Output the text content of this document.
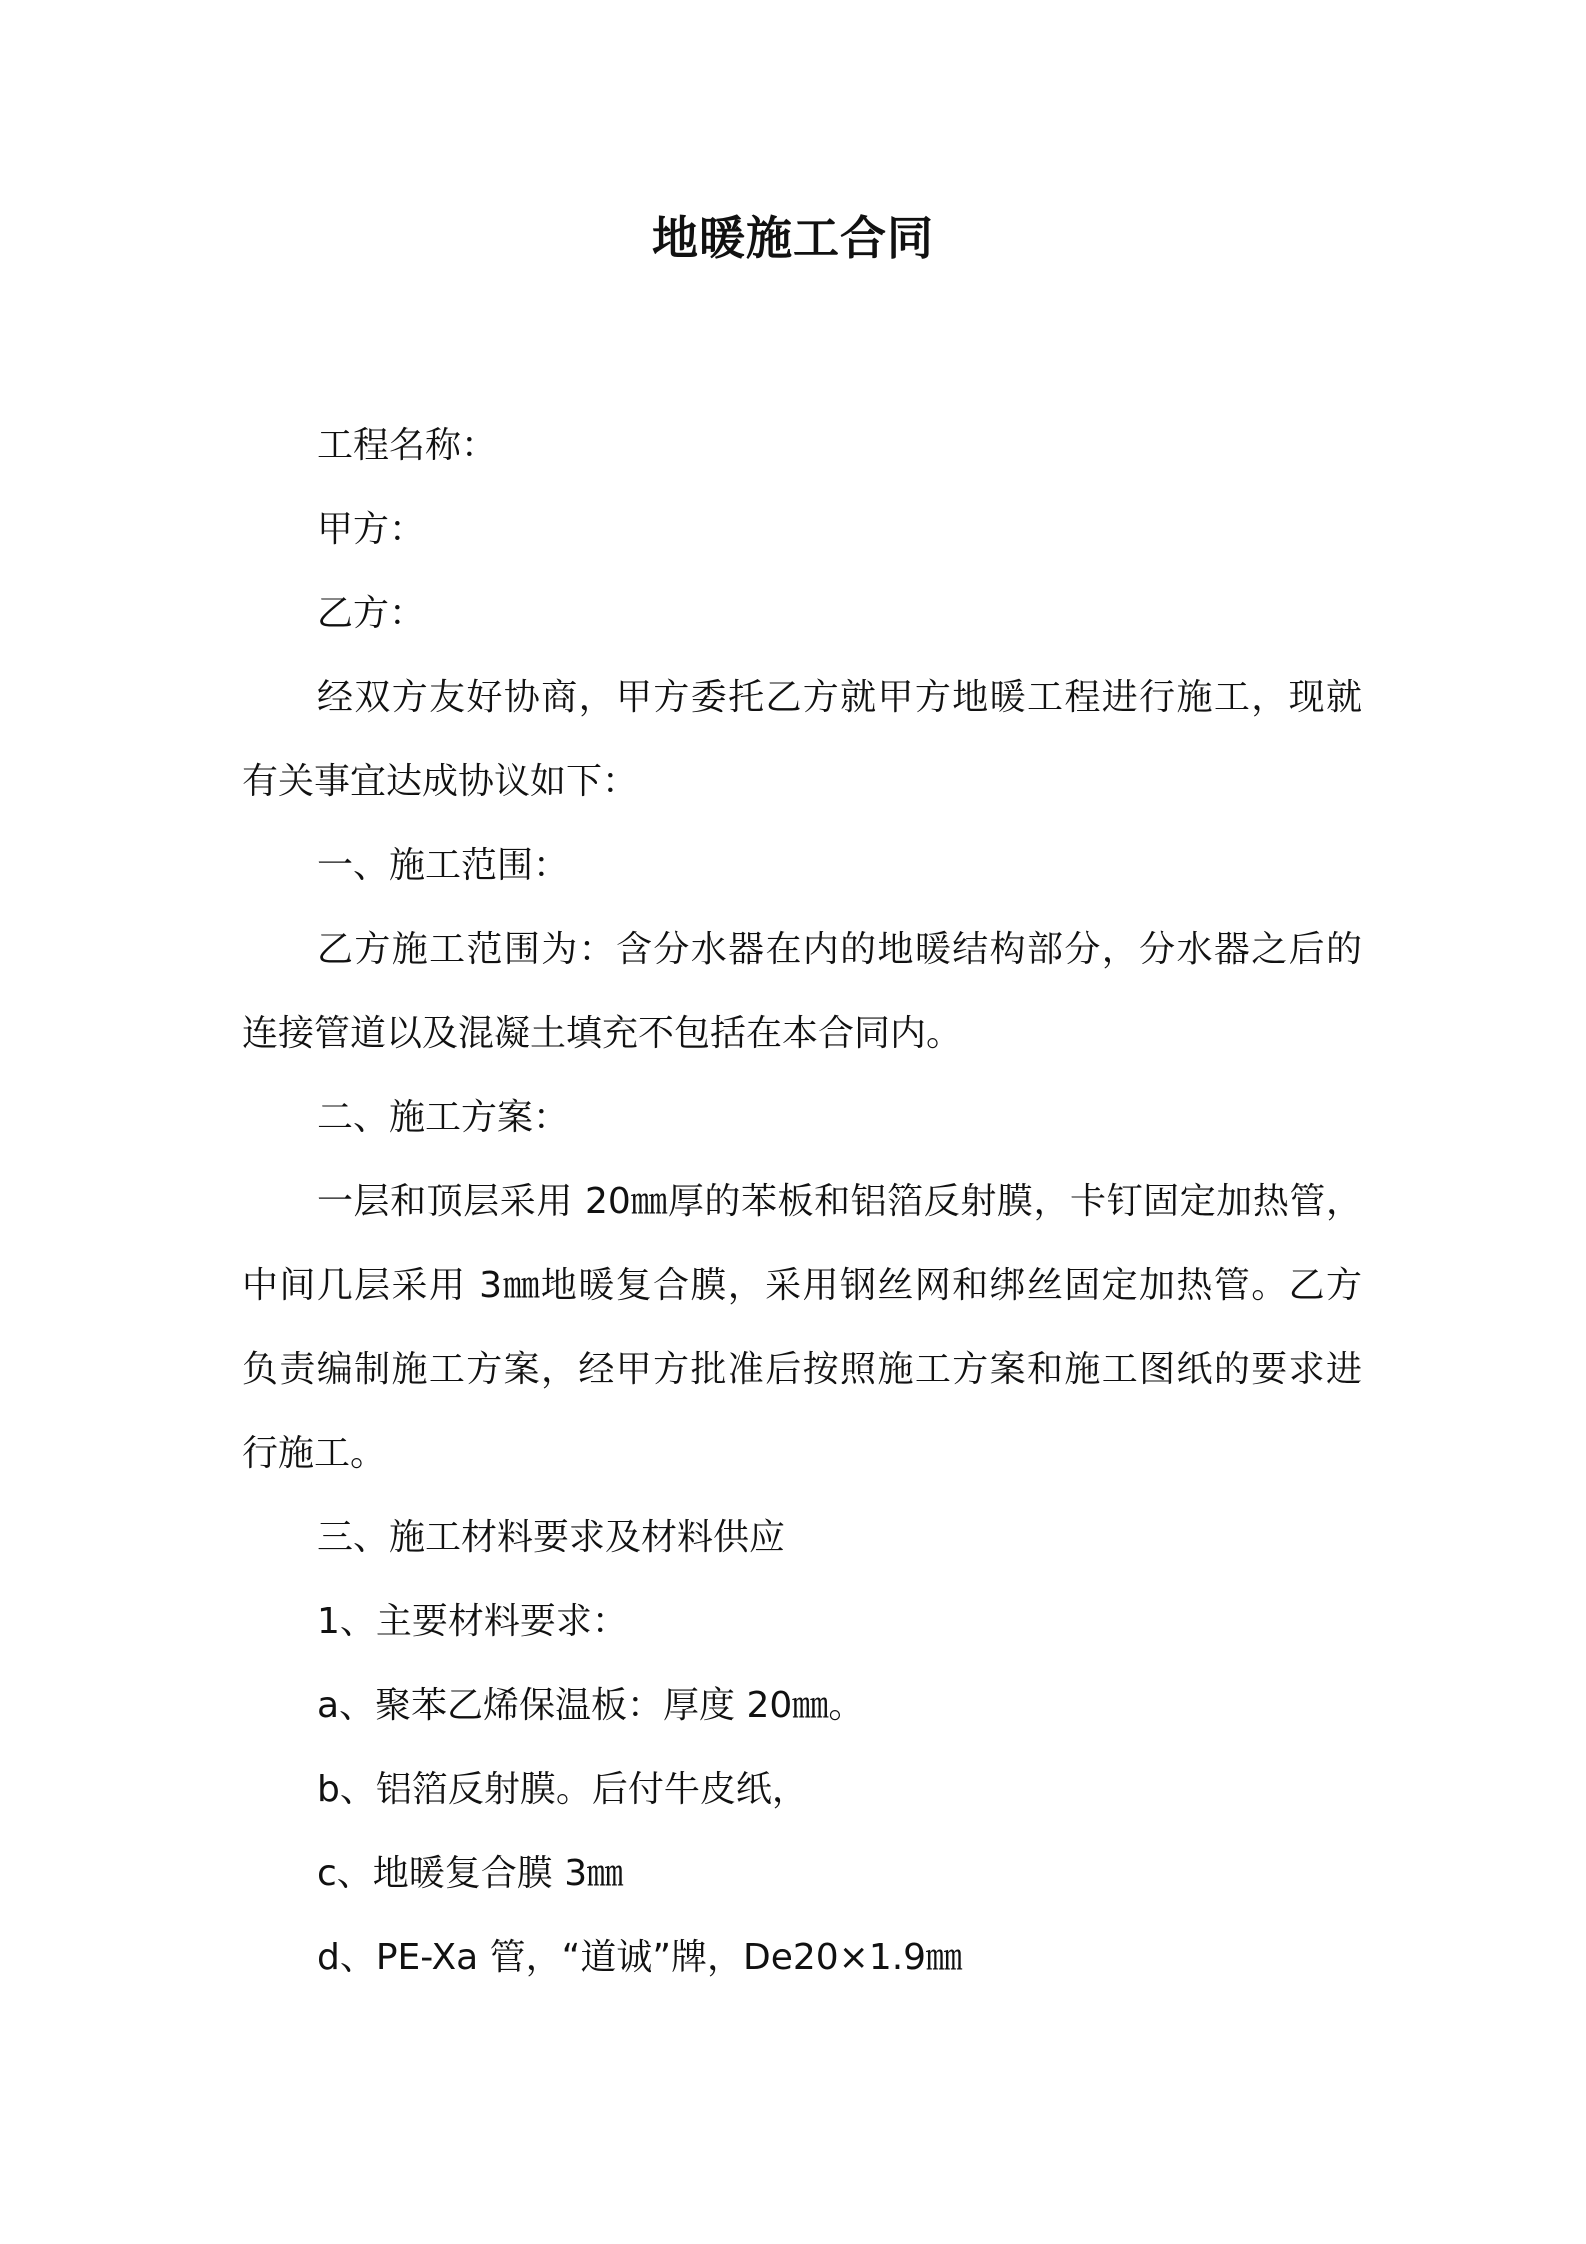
地暖施工合同

工程名称：

甲方：

乙方：

经双方友好协商，甲方委托乙方就甲方地暖工程进行施工，现就

有关事宜达成协议如下：

一、施工范围：

乙方施工范围为：含分水器在内的地暖结构部分，分水器之后的

连接管道以及混凝土填充不包括在本合同内。

二、施工方案：

一层和顶层采用 20㎜厚的苯板和铝箔反射膜，卡钉固定加热管，

中间几层采用 3㎜地暖复合膜，采用钢丝网和绑丝固定加热管。乙方

负责编制施工方案，经甲方批准后按照施工方案和施工图纸的要求进

行施工。

三、施工材料要求及材料供应

1、主要材料要求：

a、聚苯乙烯保温板：厚度 20㎜。

b、铝箔反射膜。后付牛皮纸，

c、地暖复合膜 3㎜

d、PE-Xa 管，“道诚”牌，De20×1.9㎜
